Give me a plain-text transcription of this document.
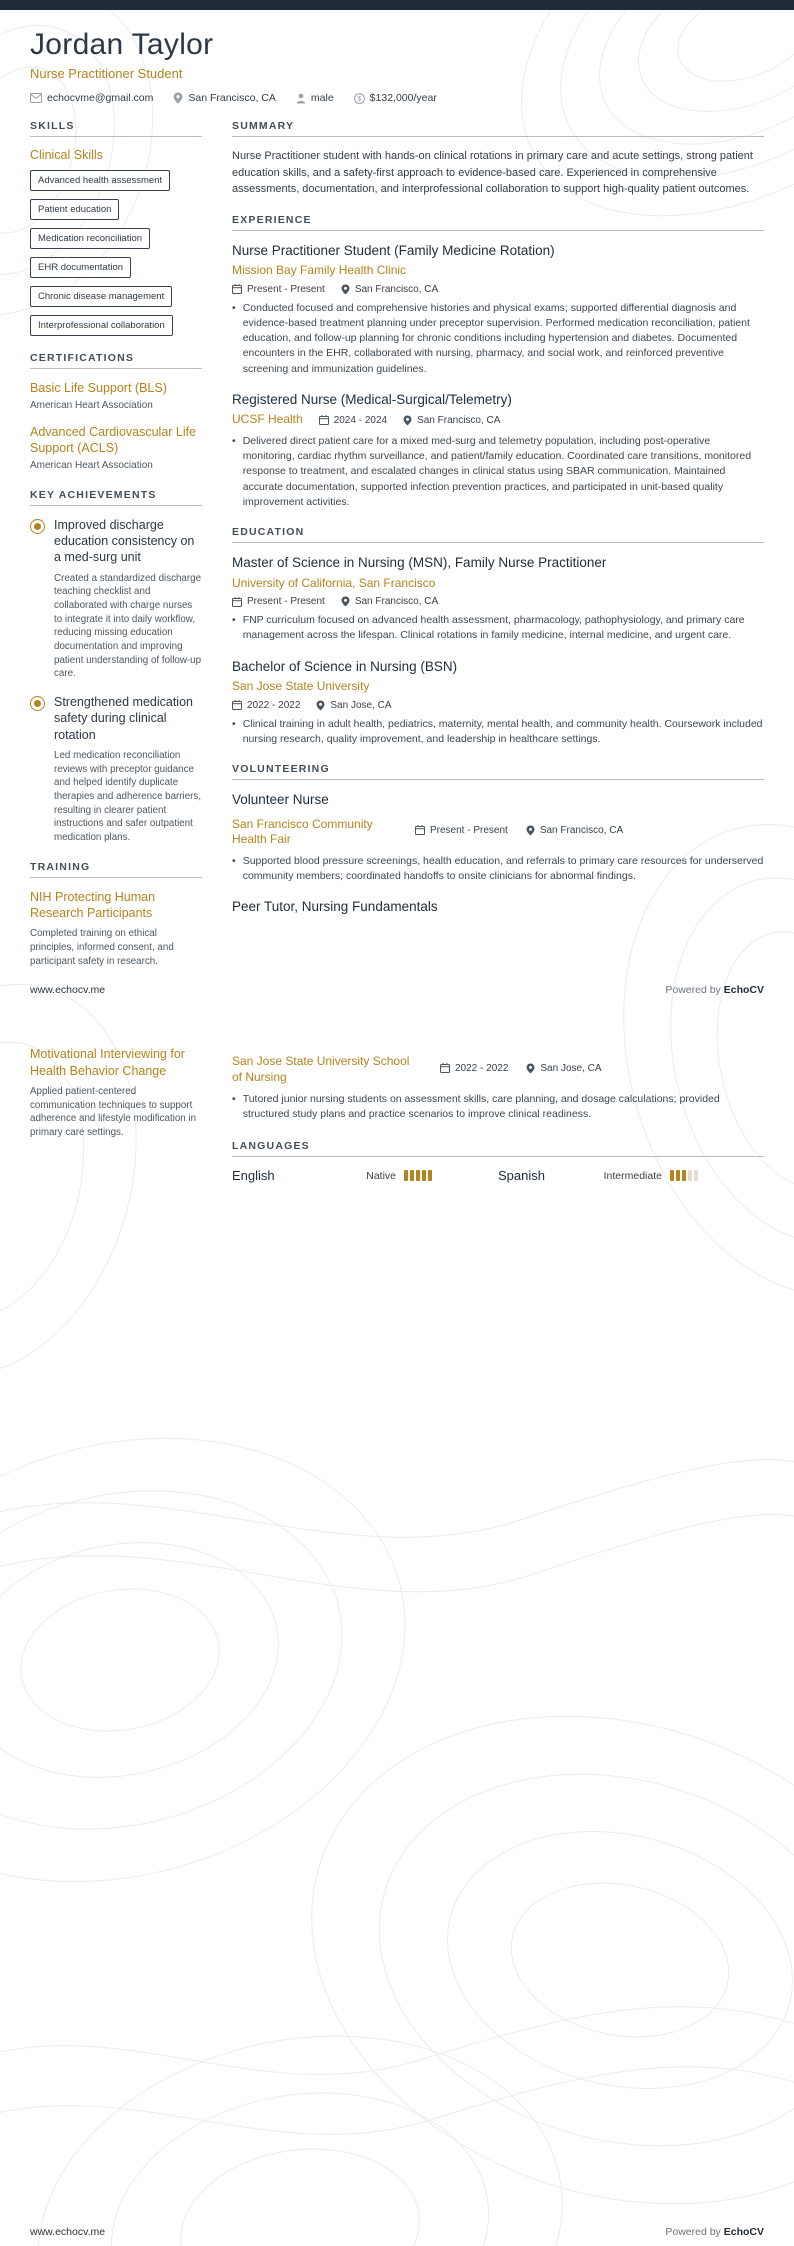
Jordan Taylor
Nurse Practitioner Student
echocvme@gmail.com	San Francisco, CA	male	$ $132,000/year
SKILLS
Clinical Skills
Advanced health assessment
Patient education
Medication reconciliation
EHR documentation
Chronic disease management
Interprofessional collaboration
CERTIFICATIONS
Basic Life Support (BLS)
American Heart Association
Advanced Cardiovascular Life Support (ACLS)
American Heart Association
KEY ACHIEVEMENTS
Improved discharge education consistency on a med-surg unit
Created a standardized discharge teaching checklist and collaborated with charge nurses to integrate it into daily workflow, reducing missing education documentation and improving patient understanding of follow-up care.
Strengthened medication safety during clinical rotation
Led medication reconciliation reviews with preceptor guidance and helped identify duplicate therapies and adherence barriers, resulting in clearer patient instructions and safer outpatient medication plans.
TRAINING
NIH Protecting Human Research Participants
Completed training on ethical principles, informed consent, and participant safety in research.
SUMMARY

Nurse Practitioner student with hands-on clinical rotations in primary care and acute settings, strong patient education skills, and a safety-first approach to evidence-based care. Experienced in comprehensive assessments, documentation, and interprofessional collaboration to support high-quality patient outcomes.

EXPERIENCE
Nurse Practitioner Student (Family Medicine Rotation)
Mission Bay Family Health Clinic
Present - Present	San Francisco, CA
• Conducted focused and comprehensive histories and physical exams; supported differential diagnosis and evidence-based treatment planning under preceptor supervision. Performed medication reconciliation, patient education, and follow-up planning for chronic conditions including hypertension and diabetes. Documented encounters in the EHR, collaborated with nursing, pharmacy, and social work, and reinforced preventive screening and immunization guidelines.
Registered Nurse (Medical-Surgical/Telemetry)
UCSF Health	2024 - 2024	San Francisco, CA
• Delivered direct patient care for a mixed med-surg and telemetry population, including post-operative monitoring, cardiac rhythm surveillance, and patient/family education. Coordinated care transitions, monitored response to treatment, and escalated changes in clinical status using SBAR communication. Maintained accurate documentation, supported infection prevention practices, and participated in unit-based quality improvement activities.
EDUCATION
Master of Science in Nursing (MSN), Family Nurse Practitioner
University of California, San Francisco
Present - Present	San Francisco, CA
• FNP curriculum focused on advanced health assessment, pharmacology, pathophysiology, and primary care management across the lifespan. Clinical rotations in family medicine, internal medicine, and urgent care.
Bachelor of Science in Nursing (BSN)
San Jose State University
2022 - 2022	San Jose, CA
• Clinical training in adult health, pediatrics, maternity, mental health, and community health. Coursework included nursing research, quality improvement, and leadership in healthcare settings.
VOLUNTEERING
Volunteer Nurse
San Francisco Community Health Fair
Present - Present	San Francisco, CA
• Supported blood pressure screenings, health education, and referrals to primary care resources for underserved community members; coordinated handoffs to onsite clinicians for abnormal findings.
Peer Tutor, Nursing Fundamentals
www.echocv.me	Powered by EchoCV
Motivational Interviewing for Health Behavior Change
Applied patient-centered communication techniques to support adherence and lifestyle modification in primary care settings.
San Jose State University School of Nursing
2022 - 2022	San Jose, CA
• Tutored junior nursing students on assessment skills, care planning, and dosage calculations; provided structured study plans and practice scenarios to improve clinical readiness.
LANGUAGES
English	Native	Spanish	Intermediate
www.echocv.me	Powered by EchoCV
